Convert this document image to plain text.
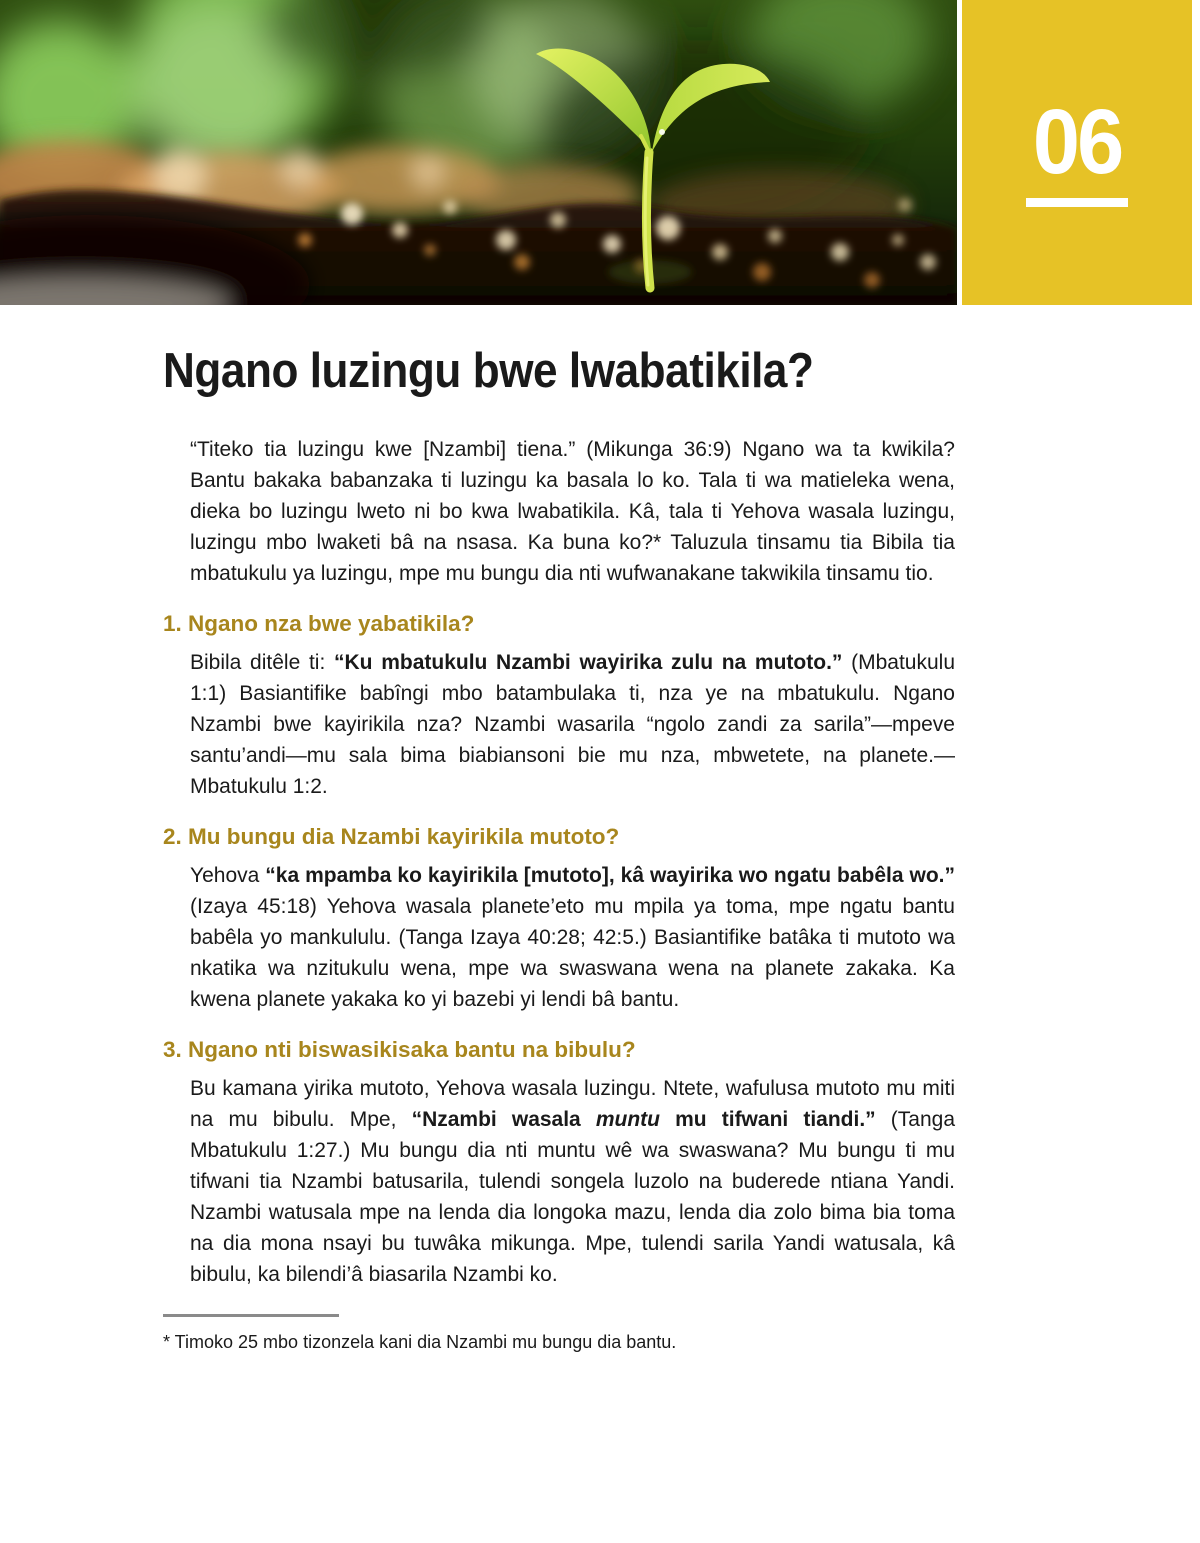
06
Ngano luzingu bwe lwabatikila?

“Titeko tia luzingu kwe [Nzambi] tiena.” (Mikunga 36:9) Ngano wa ta kwikila? Bantu bakaka babanzaka ti luzingu ka basala lo ko. Tala ti wa matieleka wena, dieka bo luzingu lweto ni bo kwa lwabatikila. Kâ, tala ti Yehova wasala luzingu, luzingu mbo lwaketi bâ na nsasa. Ka buna ko?* Taluzula tinsamu tia Bibila tia mbatukulu ya luzingu, mpe mu bungu dia nti wufwanakane takwikila tinsamu tio.

1. Ngano nza bwe yabatikila?

Bibila ditêle ti: “Ku mbatukulu Nzambi wayirika zulu na mutoto.” (Mbatukulu 1:1) Basiantifike babîngi mbo batambulaka ti, nza ye na mbatukulu. Ngano Nzambi bwe kayirikila nza? Nzambi wasarila “ngolo zandi za sarila”—mpeve santu’andi—mu sala bima biabiansoni bie mu nza, mbwetete, na planete.—Mbatukulu 1:2.

2. Mu bungu dia Nzambi kayirikila mutoto?

Yehova “ka mpamba ko kayirikila [mutoto], kâ wayirika wo ngatu babêla wo.” (Izaya 45:18) Yehova wasala planete’eto mu mpila ya toma, mpe ngatu bantu babêla yo mankululu. (Tanga Izaya 40:28; 42:5.) Basiantifike batâka ti mutoto wa nkatika wa nzitukulu wena, mpe wa swaswana wena na planete zakaka. Ka kwena planete yakaka ko yi bazebi yi lendi bâ bantu.

3. Ngano nti biswasikisaka bantu na bibulu?

Bu kamana yirika mutoto, Yehova wasala luzingu. Ntete, wafulusa mutoto mu miti na mu bibulu. Mpe, “Nzambi wasala muntu mu tifwani tiandi.” (Tanga Mbatukulu 1:27.) Mu bungu dia nti muntu wê wa swaswana? Mu bungu ti mu tifwani tia Nzambi batusarila, tulendi songela luzolo na buderede ntiana Yandi. Nzambi watusala mpe na lenda dia longoka mazu, lenda dia zolo bima bia toma na dia mona nsayi bu tuwâka mikunga. Mpe, tulendi sarila Yandi watusala, kâ bibulu, ka bilendi’â biasarila Nzambi ko.

* Timoko 25 mbo tizonzela kani dia Nzambi mu bungu dia bantu.
